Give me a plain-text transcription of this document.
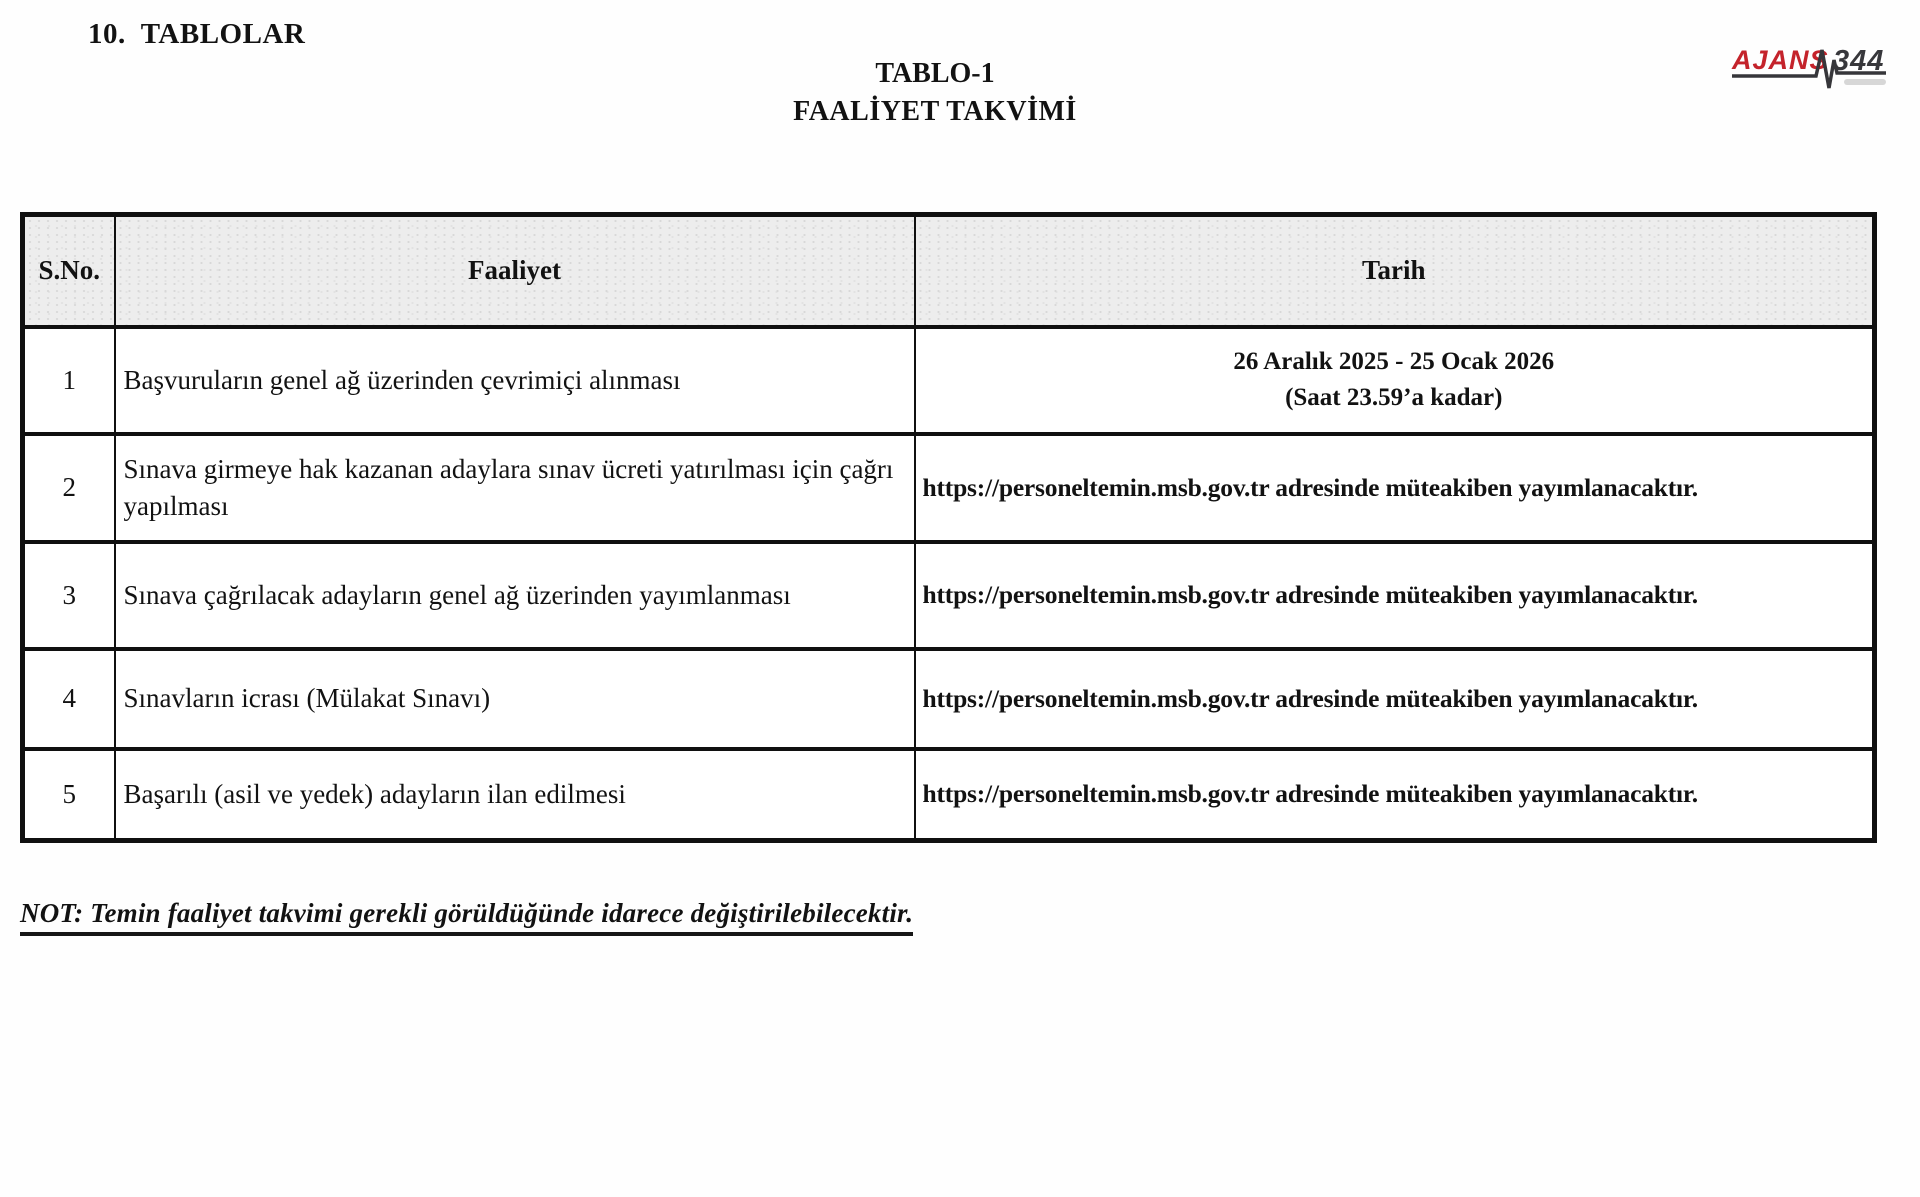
10.  TABLOLAR
AJANS 344
TABLO-1
FAALİYET TAKVİMİ
S.No.	Faaliyet	Tarih
1	Başvuruların genel ağ üzerinden çevrimiçi alınması	26 Aralık 2025 - 25 Ocak 2026
(Saat 23.59’a kadar)

2	Sınava girmeye hak kazanan adaylara sınav ücreti yatırılması için çağrı yapılması	https://personeltemin.msb.gov.tr adresinde müteakiben yayımlanacaktır.
3	Sınava çağrılacak adayların genel ağ üzerinden yayımlanması	https://personeltemin.msb.gov.tr adresinde müteakiben yayımlanacaktır.
4	Sınavların icrası (Mülakat Sınavı)	https://personeltemin.msb.gov.tr adresinde müteakiben yayımlanacaktır.
5	Başarılı (asil ve yedek) adayların ilan edilmesi	https://personeltemin.msb.gov.tr adresinde müteakiben yayımlanacaktır.
NOT: Temin faaliyet takvimi gerekli görüldüğünde idarece değiştirilebilecektir.
